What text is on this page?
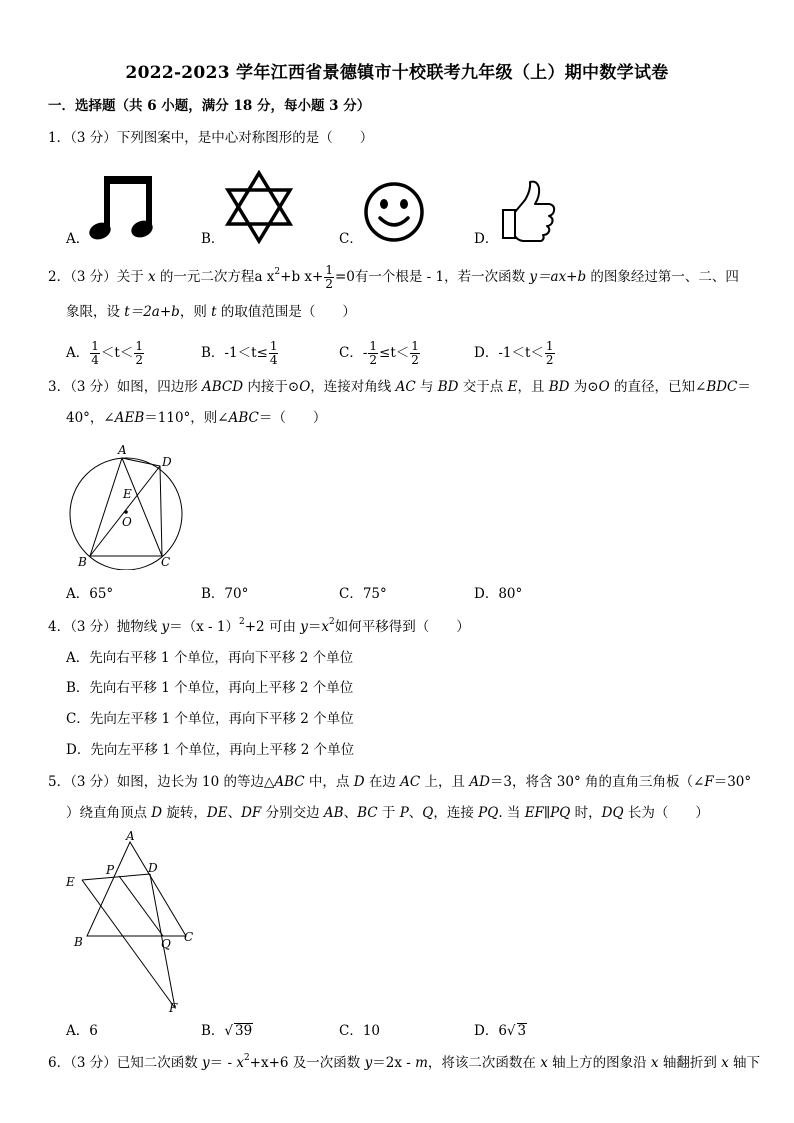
2022-2023 学年江西省景德镇市十校联考九年级（上）期中数学试卷
一．选择题（共 6 小题，满分 18 分，每小题 3 分）
1．（3 分）下列图案中，是中心对称图形的是（　　）
A．	B．	C．	D．
2．（3 分）关于 x 的一元二次方程a $x^2+b$ $x+ \frac{1}{2} =0$有一个根是 - 1，若一次函数 y＝ax+b 的图象经过第一、二、四
象限，设 t＝2a+b，则 t 的取值范围是（　　）
A． $\frac{1}{4} <t< \frac{1}{2}$	B．$-1<t\le \frac{1}{4}$	C．- $\frac{1}{2} \le t< \frac{1}{2}$	D．$-1<t< \frac{1}{2}$
3．（3 分）如图，四边形 ABCD 内接于⊙O，连接对角线 AC 与 BD 交于点 E，且 BD 为⊙O 的直径，已知∠BDC＝
40°，∠AEB＝110°，则∠ABC＝（　　）
A
D
E
O
B	C
A．65°	B．70°	C．75°	D．80°
4．（3 分）抛物线 y＝（x - 1）$^2$+2 可由 $y=x^2$如何平移得到（　　）
A．先向右平移 1 个单位，再向下平移 2 个单位
B．先向右平移 1 个单位，再向上平移 2 个单位
C．先向左平移 1 个单位，再向下平移 2 个单位
D．先向左平移 1 个单位，再向上平移 2 个单位
5．（3 分）如图，边长为 10 的等边△ABC 中，点 D 在边 AC 上，且 AD＝3，将含 30° 角的直角三角板（∠F＝30°
）绕直角顶点 D 旋转，DE、DF 分别交边 AB、BC 于 P、Q，连接 PQ. 当 EF∥PQ 时，DQ 长为（　　）
A
P	D
E
B	Q C
F
A．6	B．√ 39	C．10	D．6√ 3
6．（3 分）已知二次函数 $y= - x^2+x+6$ 及一次函数 y＝2x - m，将该二次函数在 x 轴上方的图象沿 x 轴翻折到 x 轴下
